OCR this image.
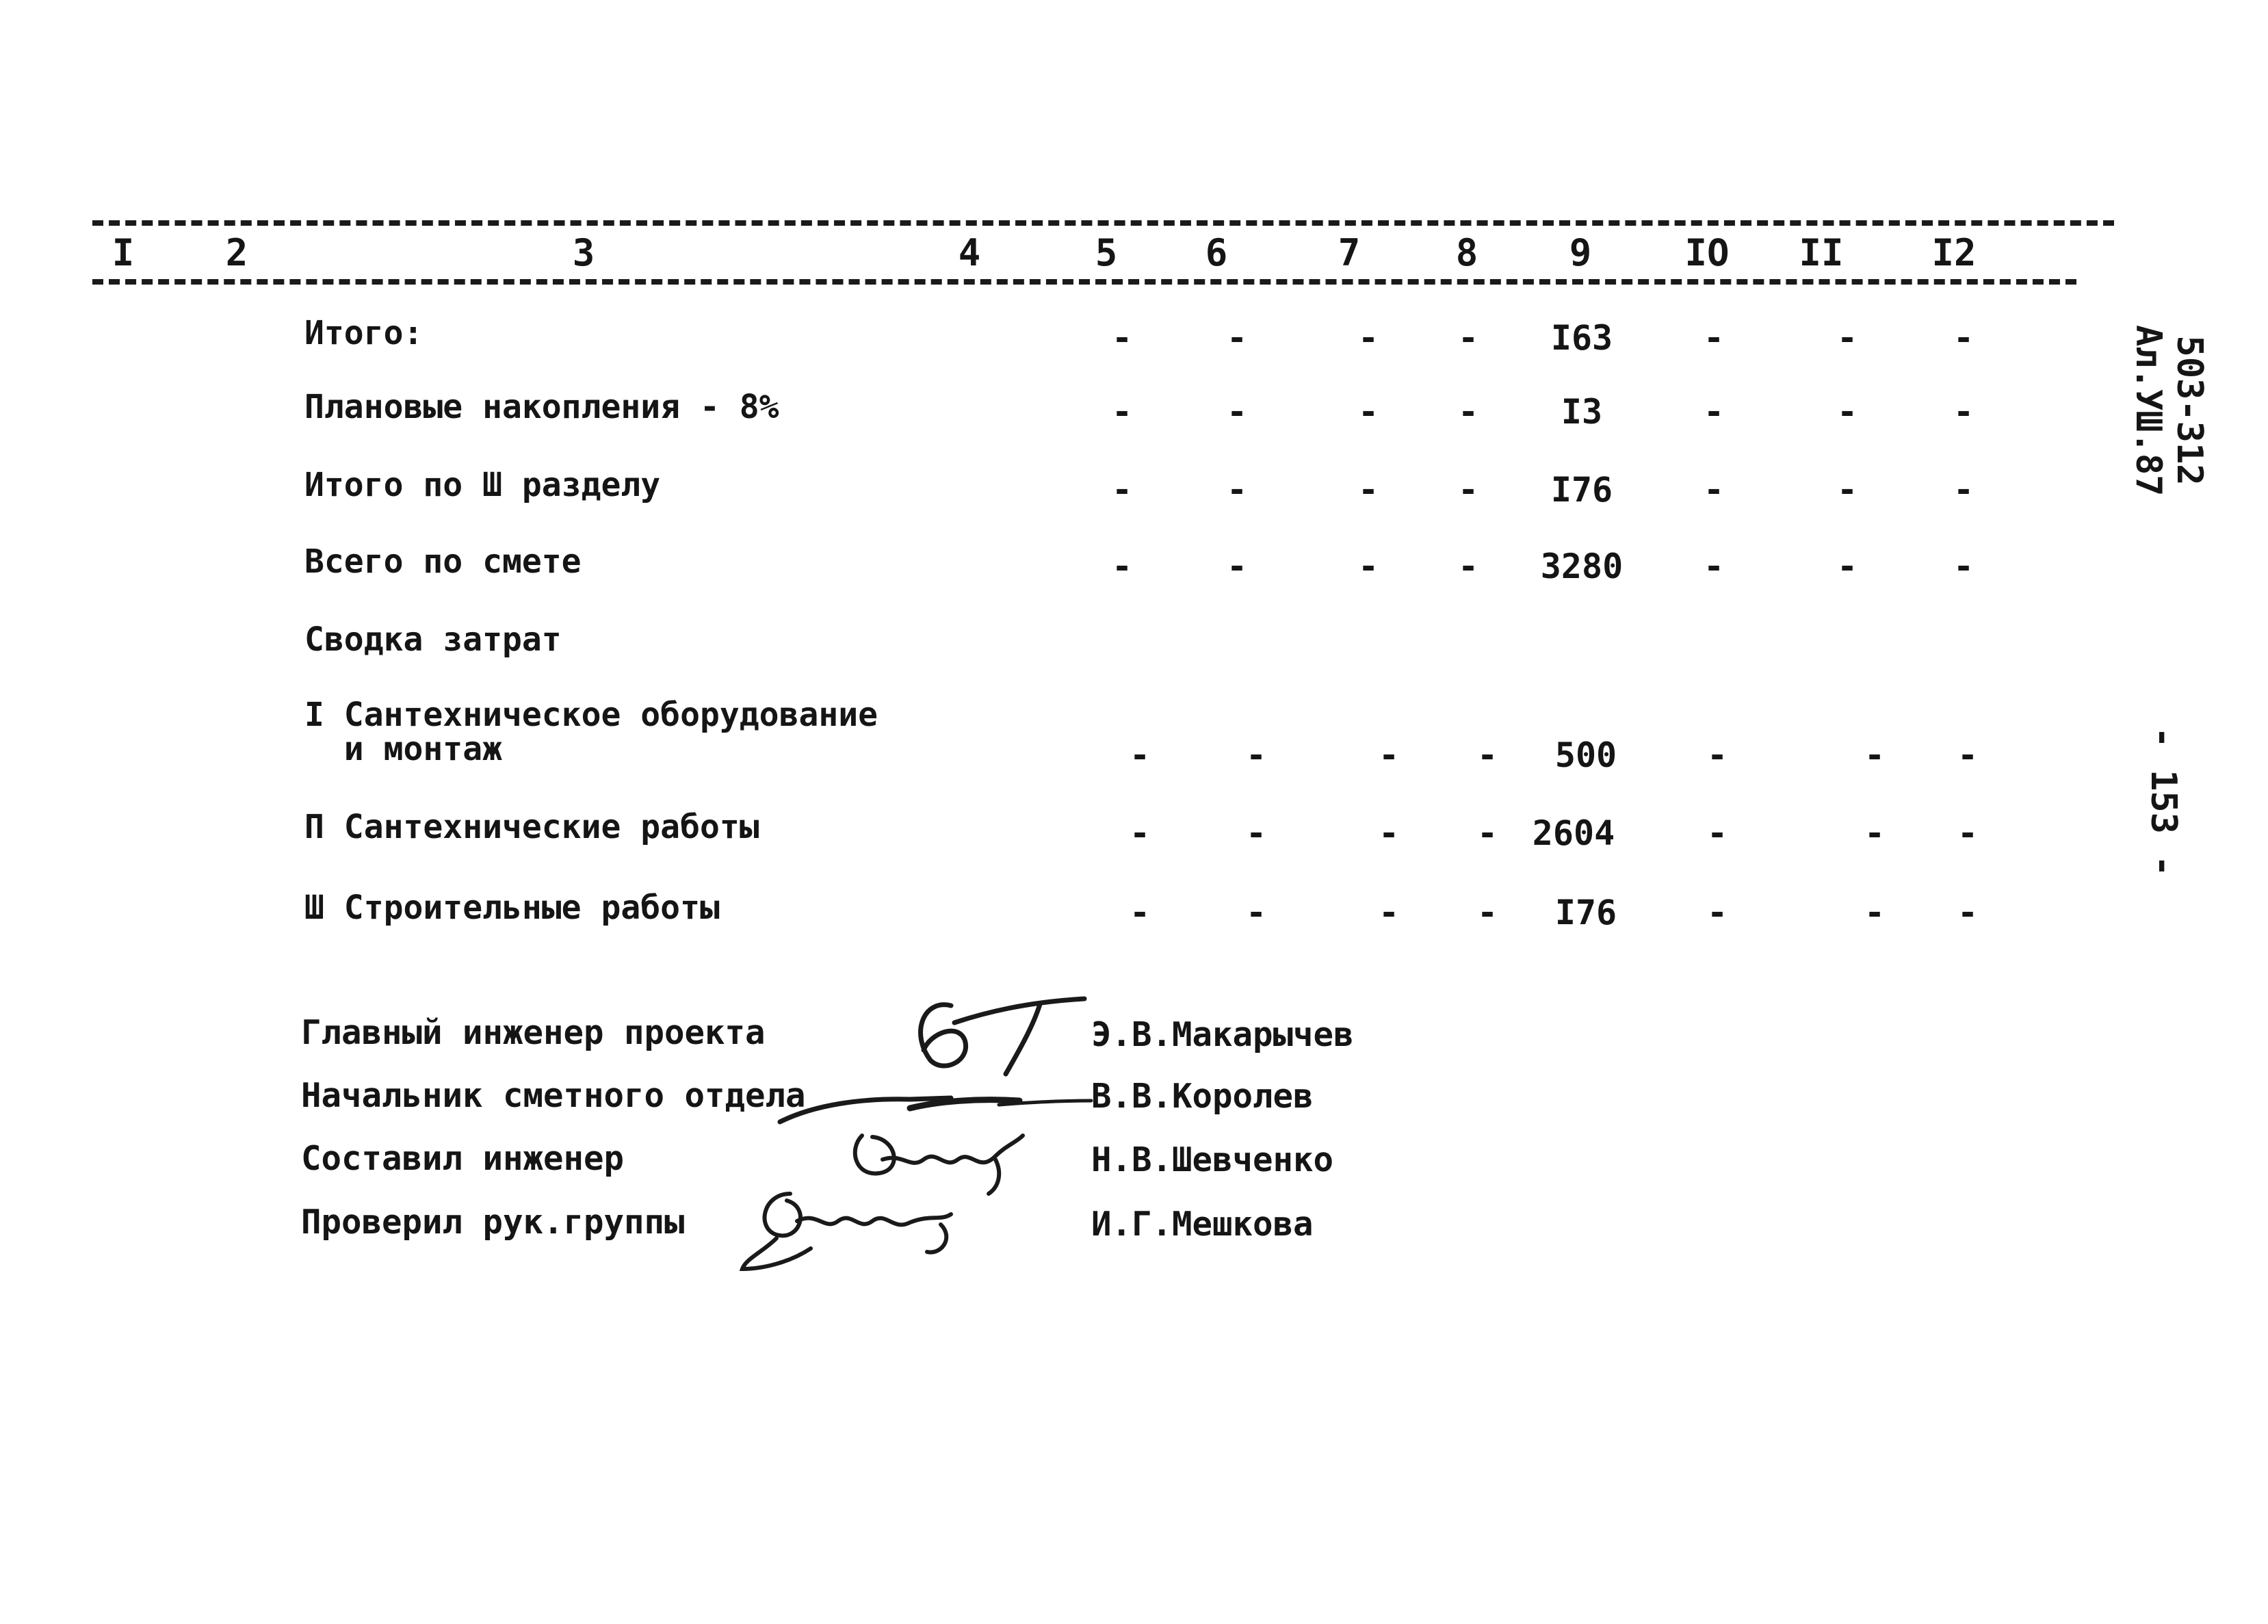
I	2	3	4	5	6	7	8	9	IO	II	I2
Итого:	-	-	-	-	I63	-	-	-
Плановые накопления - 8%	-	-	-	-	I3	-	-	-
Итого по Ш разделу	-	-	-	-	I76	-	-	-
Всего по смете	-	-	-	-	3280	-	-	-
Сводка затрат
I Сантехническое оборудование
и монтаж	-	-	-	-	500	-	-	-
П Сантехнические работы	-	-	-	-	2604	-	-	-
Ш Строительные работы	-	-	-	-	I76	-	-	-
Главный инженер проекта	Э.В.Макарычев
Начальник сметного отдела	В.В.Королев
Составил инженер	Н.В.Шевченко
Проверил рук.группы	И.Г.Мешкова
503-312
Ал.УШ.87
- 153 -
